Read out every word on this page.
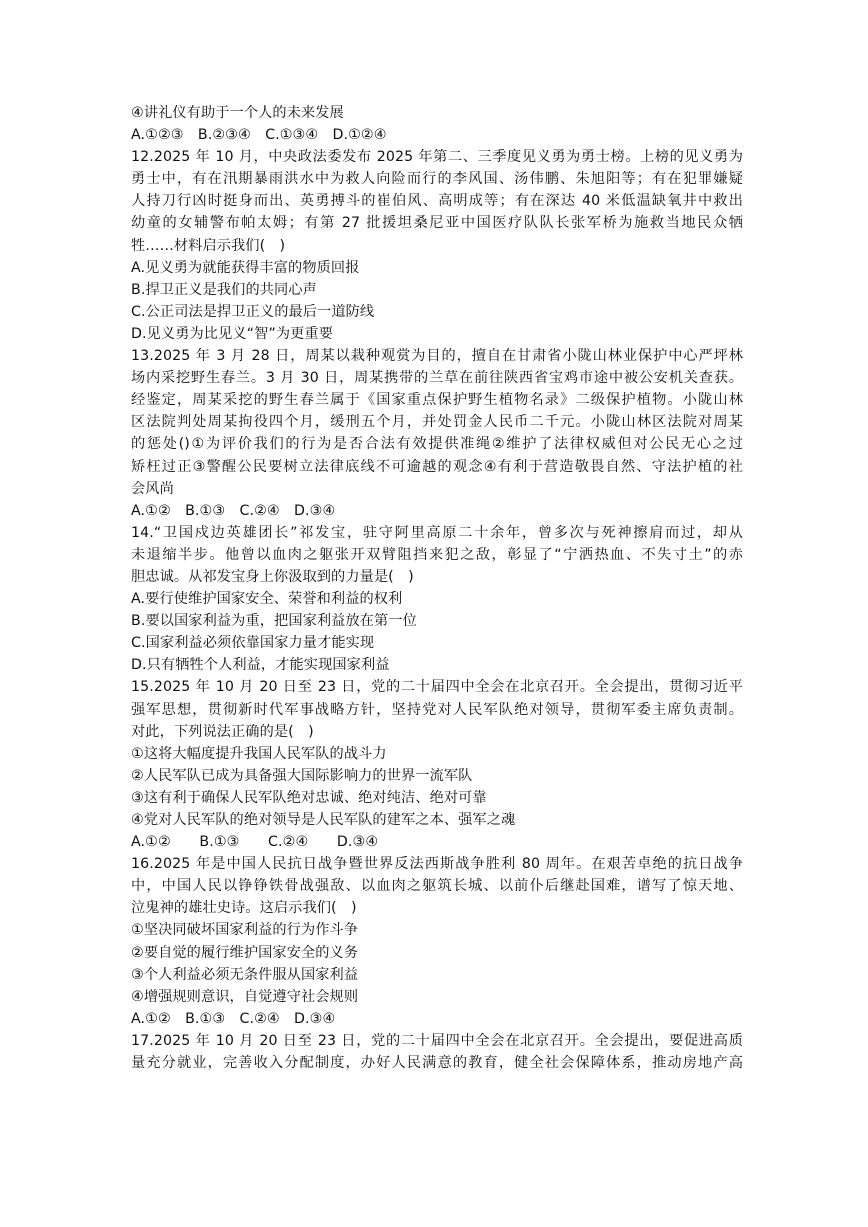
④讲礼仪有助于一个人的未来发展
A.①②③　B.②③④　C.①③④　D.①②④
12.2025 年 10 月，中央政法委发布 2025 年第二、三季度见义勇为勇士榜。上榜的见义勇为
勇士中，有在汛期暴雨洪水中为救人向险而行的李风国、汤伟鹏、朱旭阳等；有在犯罪嫌疑
人持刀行凶时挺身而出、英勇搏斗的崔伯风、高明成等；有在深达 40 米低温缺氧井中救出
幼童的女辅警布帕太姆；有第 27 批援坦桑尼亚中国医疗队队长张军桥为施救当地民众牺
牲……材料启示我们(　)
A.见义勇为就能获得丰富的物质回报
B.捍卫正义是我们的共同心声
C.公正司法是捍卫正义的最后一道防线
D.见义勇为比见义“智”为更重要
13.2025 年 3 月 28 日，周某以栽种观赏为目的，擅自在甘肃省小陇山林业保护中心严坪林
场内采挖野生春兰。3 月 30 日，周某携带的兰草在前往陕西省宝鸡市途中被公安机关查获。
经鉴定，周某采挖的野生春兰属于《国家重点保护野生植物名录》二级保护植物。小陇山林
区法院判处周某拘役四个月，缓刑五个月，并处罚金人民币二千元。小陇山林区法院对周某
的惩处()①为评价我们的行为是否合法有效提供准绳②维护了法律权威但对公民无心之过
矫枉过正③警醒公民要树立法律底线不可逾越的观念④有利于营造敬畏自然、守法护植的社
会风尚
A.①②　B.①③　C.②④　D.③④
14.“卫国戍边英雄团长”祁发宝，驻守阿里高原二十余年，曾多次与死神擦肩而过，却从
未退缩半步。他曾以血肉之躯张开双臂阻挡来犯之敌，彰显了“宁洒热血、不失寸土”的赤
胆忠诚。从祁发宝身上你汲取到的力量是(　)
A.要行使维护国家安全、荣誉和利益的权利
B.要以国家利益为重，把国家利益放在第一位
C.国家利益必须依靠国家力量才能实现
D.只有牺牲个人利益，才能实现国家利益
15.2025 年 10 月 20 日至 23 日，党的二十届四中全会在北京召开。全会提出，贯彻习近平
强军思想，贯彻新时代军事战略方针，坚持党对人民军队绝对领导，贯彻军委主席负责制。
对此，下列说法正确的是(　)
①这将大幅度提升我国人民军队的战斗力
②人民军队已成为具备强大国际影响力的世界一流军队
③这有利于确保人民军队绝对忠诚、绝对纯洁、绝对可靠
④党对人民军队的绝对领导是人民军队的建军之本、强军之魂
A.①②　　B.①③　　C.②④　　D.③④
16.2025 年是中国人民抗日战争暨世界反法西斯战争胜利 80 周年。在艰苦卓绝的抗日战争
中，中国人民以铮铮铁骨战强敌、以血肉之躯筑长城、以前仆后继赴国难，谱写了惊天地、
泣鬼神的雄壮史诗。这启示我们(　)
①坚决同破坏国家利益的行为作斗争
②要自觉的履行维护国家安全的义务
③个人利益必须无条件服从国家利益
④增强规则意识，自觉遵守社会规则
A.①②　B.①③　C.②④　D.③④
17.2025 年 10 月 20 日至 23 日，党的二十届四中全会在北京召开。全会提出，要促进高质
量充分就业，完善收入分配制度，办好人民满意的教育，健全社会保障体系，推动房地产高
